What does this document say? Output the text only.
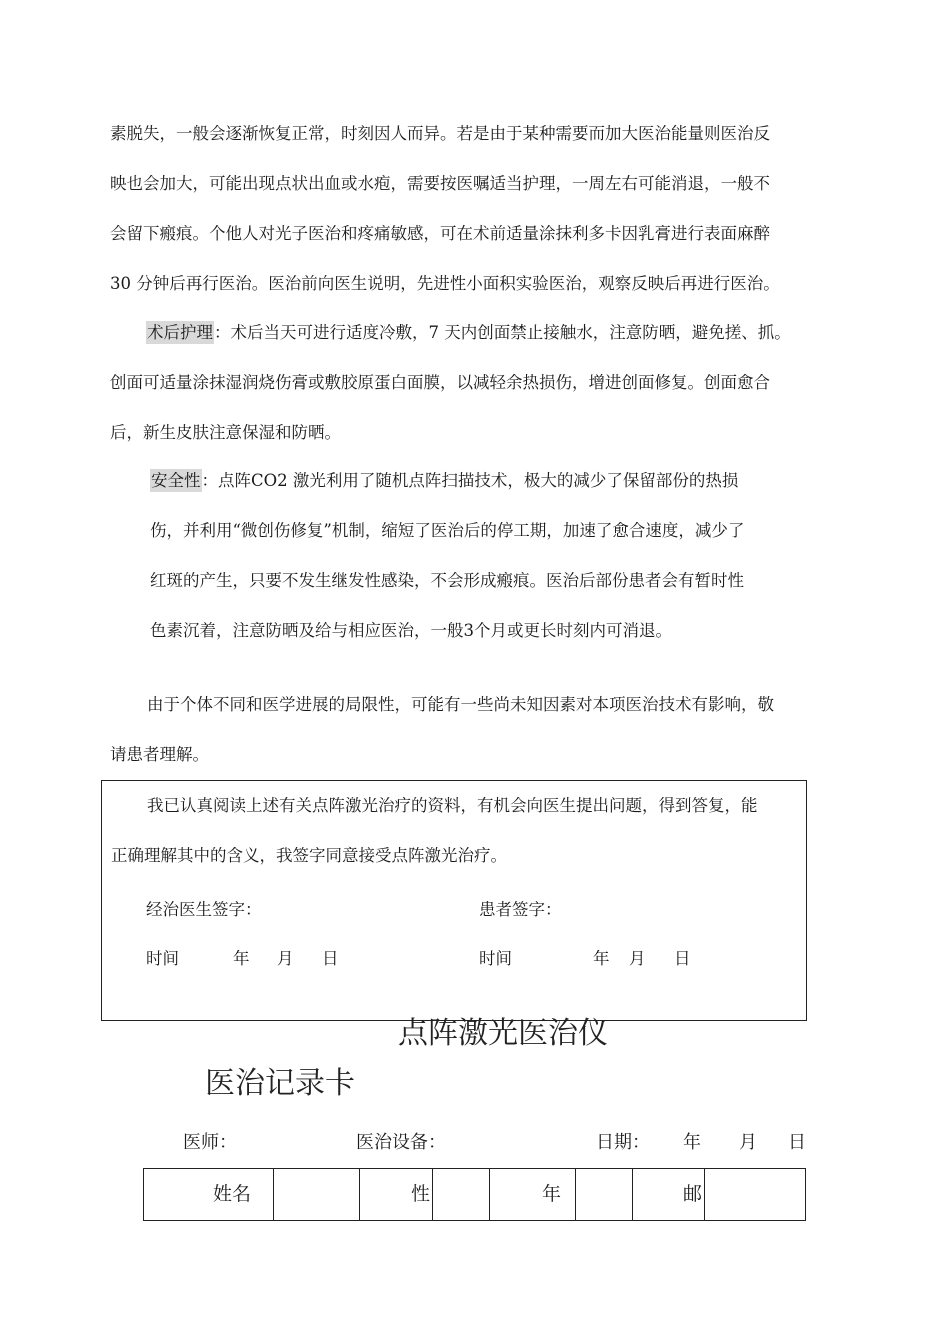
素脱失，一般会逐渐恢复正常，时刻因人而异。若是由于某种需要而加大医治能量则医治反
映也会加大，可能出现点状出血或水疱，需要按医嘱适当护理，一周左右可能消退，一般不
会留下瘢痕。个他人对光子医治和疼痛敏感，可在术前适量涂抹利多卡因乳膏进行表面麻醉
30 分钟后再行医治。医治前向医生说明，先进性小面积实验医治，观察反映后再进行医治。
术后护理：术后当天可进行适度冷敷，7 天内创面禁止接触水，注意防晒，避免搓、抓。
创面可适量涂抹湿润烧伤膏或敷胶原蛋白面膜，以减轻余热损伤，增进创面修复。创面愈合
后，新生皮肤注意保湿和防晒。
安全性：点阵CO2 激光利用了随机点阵扫描技术，极大的减少了保留部份的热损
伤，并利用“微创伤修复”机制，缩短了医治后的停工期，加速了愈合速度，减少了
红斑的产生，只要不发生继发性感染，不会形成瘢痕。医治后部份患者会有暂时性
色素沉着，注意防晒及给与相应医治，一般3个月或更长时刻内可消退。
由于个体不同和医学进展的局限性，可能有一些尚未知因素对本项医治技术有影响，敬
请患者理解。
我已认真阅读上述有关点阵激光治疗的资料，有机会向医生提出问题，得到答复，能
正确理解其中的含义，我签字同意接受点阵激光治疗。
经治医生签字：	患者签字：
时间	年 月 日	时间	年 月 日
点阵激光医治仪
医治记录卡
医师：	医治设备：	日期： 年 月 日
姓名		性		年		邮	
